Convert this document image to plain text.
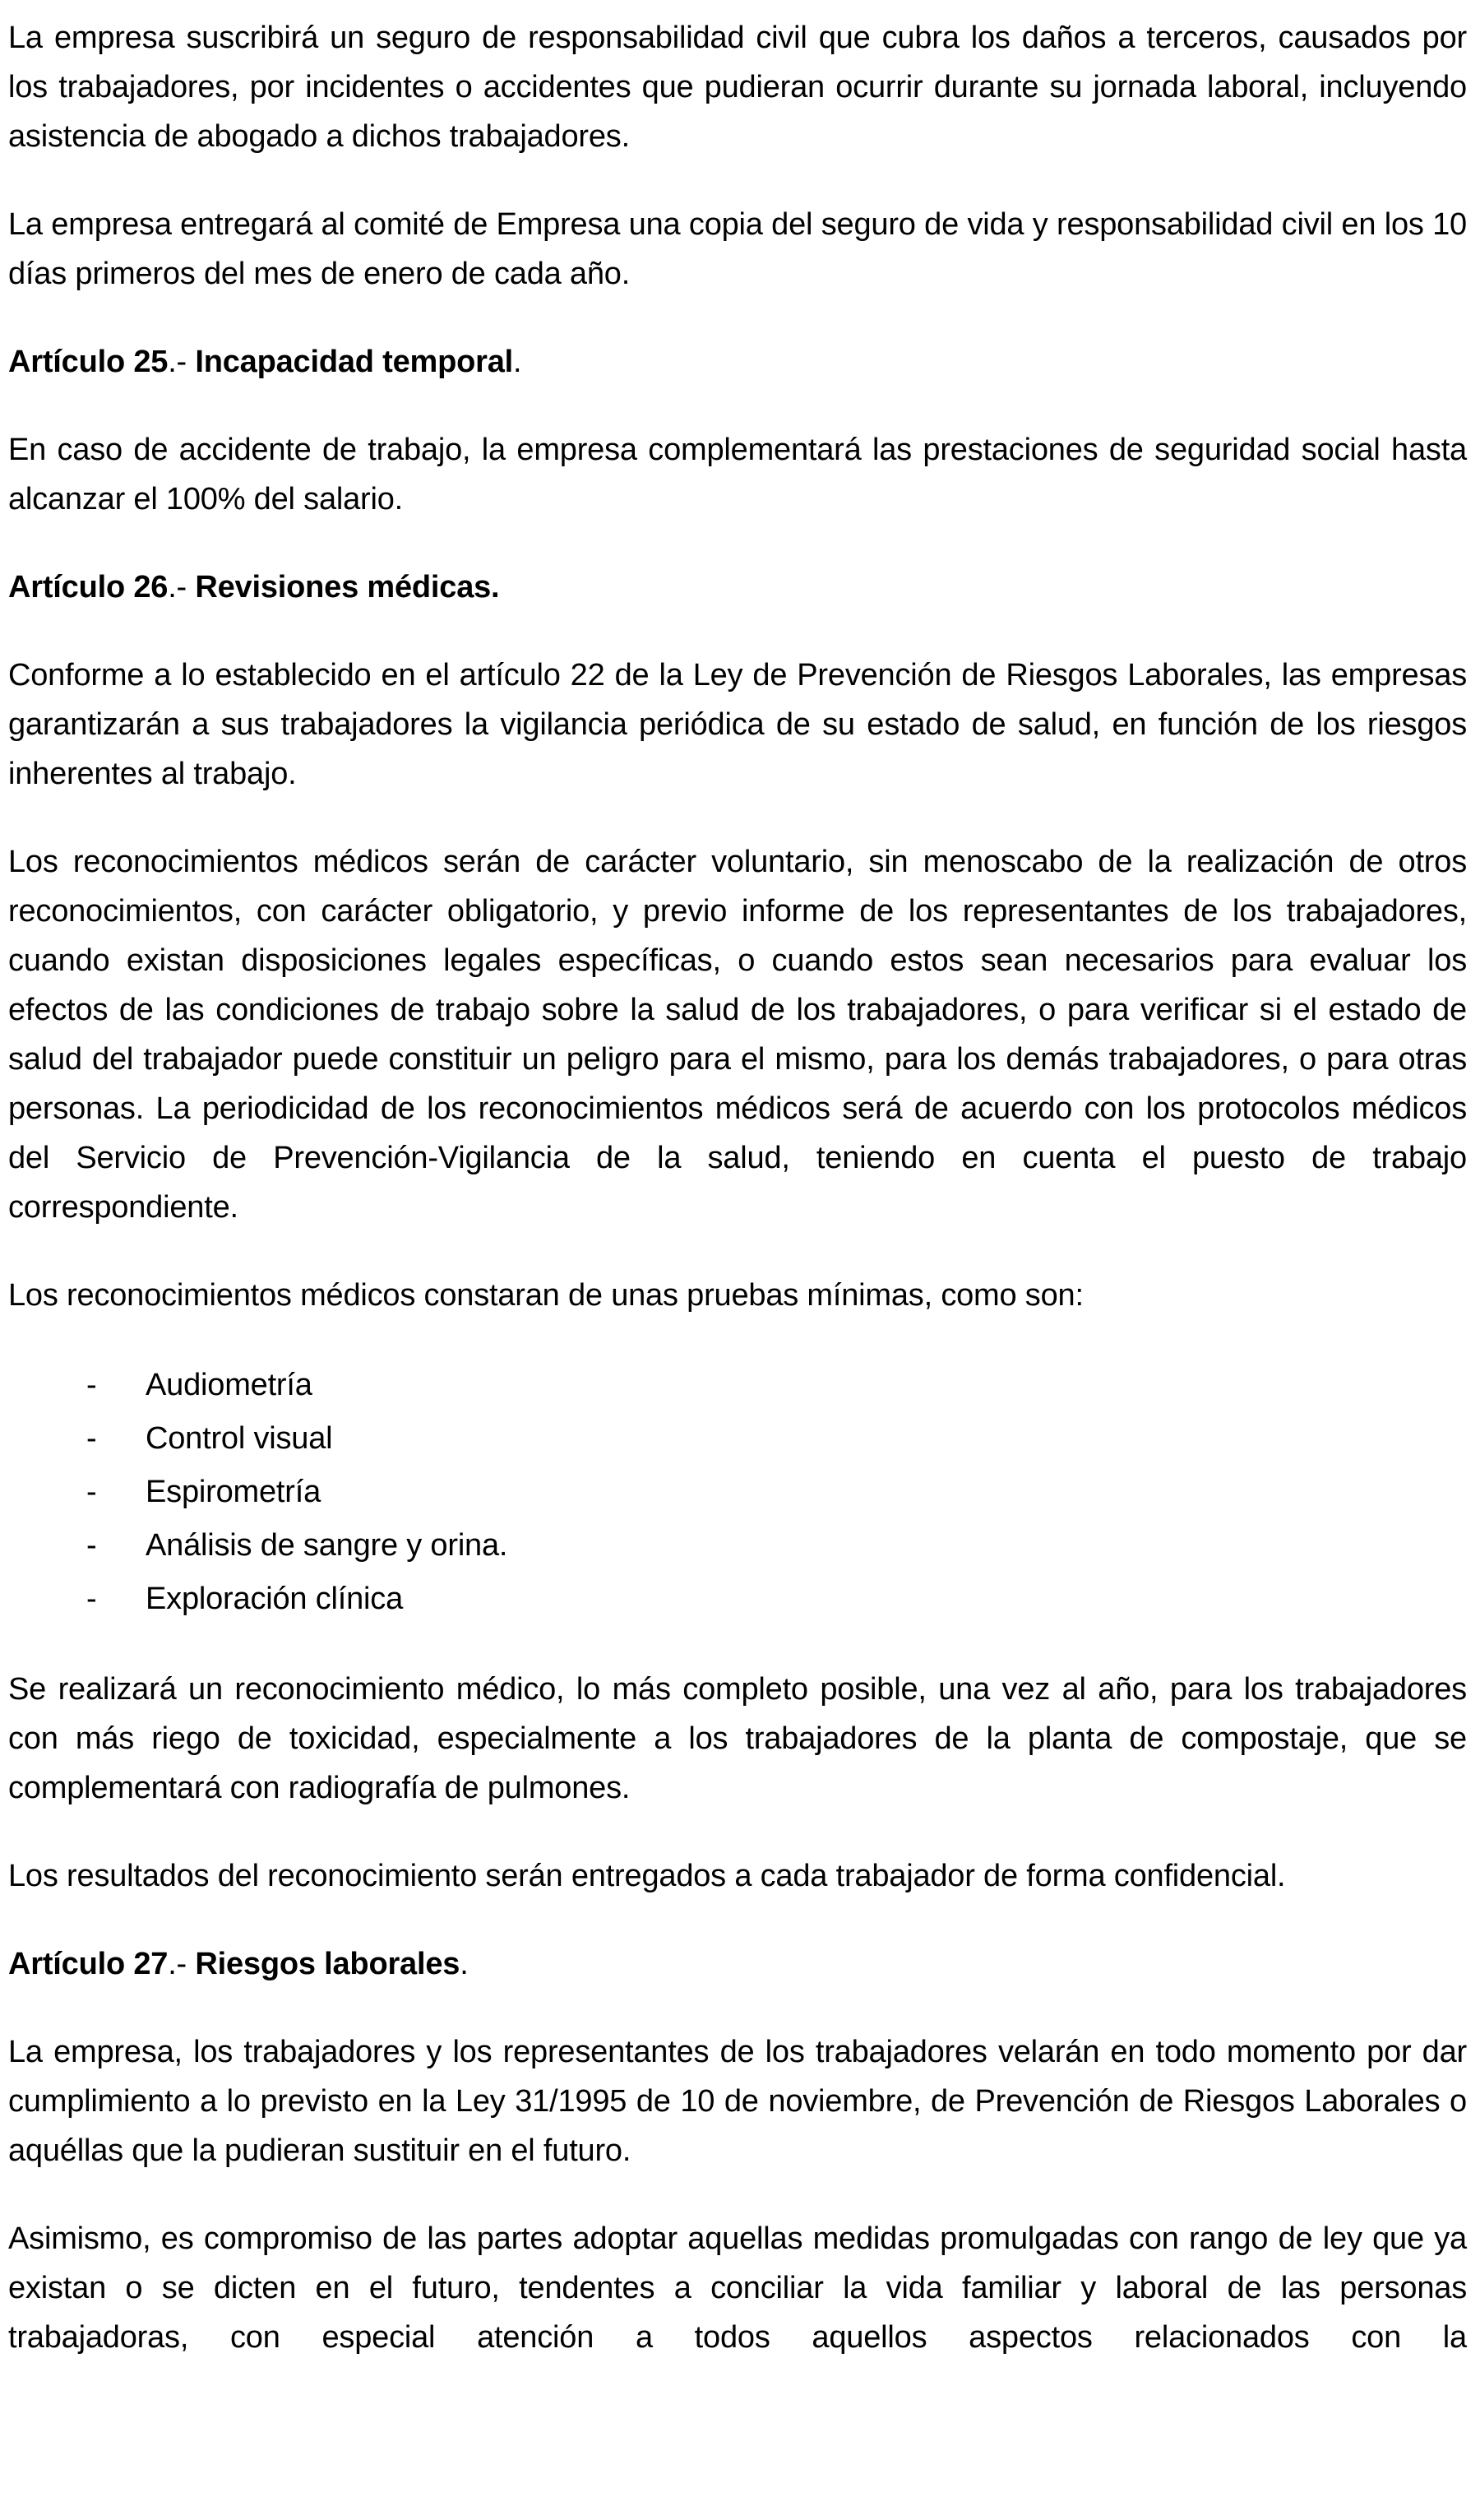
La empresa suscribirá un seguro de responsabilidad civil que cubra los daños a terceros, causados por los trabajadores, por incidentes o accidentes que pudieran ocurrir durante su jornada laboral, incluyendo asistencia de abogado a dichos trabajadores.

La empresa entregará al comité de Empresa una copia del seguro de vida y responsabilidad civil en los 10 días primeros del mes de enero de cada año.

Artículo 25.- Incapacidad temporal.

En caso de accidente de trabajo, la empresa complementará las prestaciones de seguridad social hasta alcanzar el 100% del salario.

Artículo 26.- Revisiones médicas.

Conforme a lo establecido en el artículo 22 de la Ley de Prevención de Riesgos Laborales, las empresas garantizarán a sus trabajadores la vigilancia periódica de su estado de salud, en función de los riesgos inherentes al trabajo.

Los reconocimientos médicos serán de carácter voluntario, sin menoscabo de la realización de otros reconocimientos, con carácter obligatorio, y previo informe de los representantes de los trabajadores, cuando existan disposiciones legales específicas, o cuando estos sean necesarios para evaluar los efectos de las condiciones de trabajo sobre la salud de los trabajadores, o para verificar si el estado de salud del trabajador puede constituir un peligro para el mismo, para los demás trabajadores, o para otras personas. La periodicidad de los reconocimientos médicos será de acuerdo con los protocolos médicos del Servicio de Prevención-Vigilancia de la salud, teniendo en cuenta el puesto de trabajo correspondiente.

Los reconocimientos médicos constaran de unas pruebas mínimas, como son:

-	Audiometría
-	Control visual
-	Espirometría
-	Análisis de sangre y orina.
-	Exploración clínica

Se realizará un reconocimiento médico, lo más completo posible, una vez al año, para los trabajadores con más riego de toxicidad, especialmente a los trabajadores de la planta de compostaje, que se complementará con radiografía de pulmones.

Los resultados del reconocimiento serán entregados a cada trabajador de forma confidencial.

Artículo 27.- Riesgos laborales.

La empresa, los trabajadores y los representantes de los trabajadores velarán en todo momento por dar cumplimiento a lo previsto en la Ley 31/1995 de 10 de noviembre, de Prevención de Riesgos Laborales o aquéllas que la pudieran sustituir en el futuro.

Asimismo, es compromiso de las partes adoptar aquellas medidas promulgadas con rango de ley que ya existan o se dicten en el futuro, tendentes a conciliar la vida familiar y laboral de las personas trabajadoras, con especial atención a todos aquellos aspectos relacionados con la
